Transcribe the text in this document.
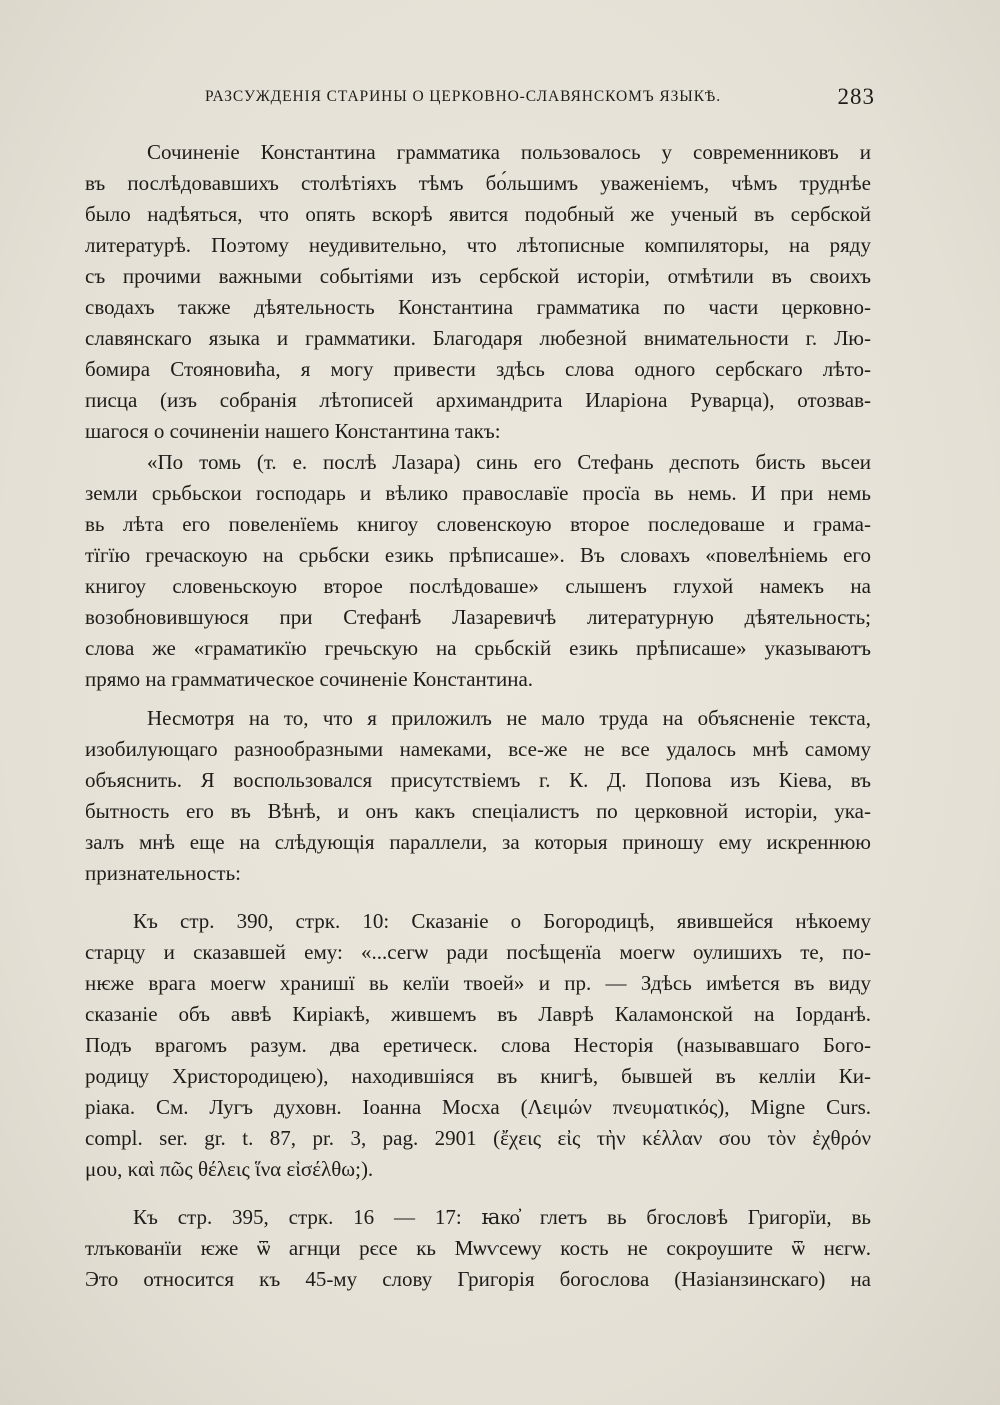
РАЗСУЖДЕНІЯ СТАРИНЫ О ЦЕРКОВНО-СЛАВЯНСКОМЪ ЯЗЫКѢ.	283
Сочиненіе Константина грамматика пользовалось у современниковъ и
въ послѣдовавшихъ столѣтіяхъ тѣмъ бо́льшимъ уваженіемъ, чѣмъ труднѣе
было надѣяться, что опять вскорѣ явится подобный же ученый въ сербской
литературѣ. Поэтому неудивительно, что лѣтописные компиляторы, на ряду
съ прочими важными событіями изъ сербской исторіи, отмѣтили въ своихъ
сводахъ также дѣятельность Константина грамматика по части церковно-
славянскаго языка и грамматики. Благодаря любезной внимательности г. Лю-
бомира Стояновиħа, я могу привести здѣсь слова одного сербскаго лѣто-
писца (изъ собранія лѣтописей архимандрита Иларіона Руварца), отозвав-
шагося о сочиненіи нашего Константина такъ:
«По томь (т. е. послѣ Лазара) синь его Стефань деспоть бисть вьсеи
земли срьбьскои господарь и вѣлико православїе просїа вь немь. И при немь
вь лѣта его повеленїемь книгоу словенскоую второе последоваше и грама-
тїгїю гречаскоую на срьбски езикь прѣписаше». Въ словахъ «повелѣніемь его
книгоу словеньскоую второе послѣдоваше» слышенъ глухой намекъ на
возобновившуюся при Стефанѣ Лазаревичѣ литературную дѣятельность;
слова же «граматикїю гречьскую на срьбскій езикь прѣписаше» указываютъ
прямо на грамматическое сочиненіе Константина.
Несмотря на то, что я приложилъ не мало труда на объясненіе текста,
изобилующаго разнообразными намеками, все-же не все удалось мнѣ самому
объяснить. Я воспользовался присутствіемъ г. К. Д. Попова изъ Кіева, въ
бытность его въ Вѣнѣ, и онъ какъ спеціалистъ по церковной исторіи, ука-
залъ мнѣ еще на слѣдующія параллели, за которыя приношу ему искреннюю
признательность:
Къ стр. 390, стрк. 10: Сказаніе о Богородицѣ, явившейся нѣкоему
старцу и сказавшей ему: «...сегѡ ради посѣщенїа моегѡ оулишихъ те, по-
нѥже врага моегѡ хранишї вь келїи твоей» и пр. — Здѣсь имѣется въ виду
сказаніе объ аввѣ Киріакѣ, жившемъ въ Лаврѣ Каламонской на Іорданѣ.
Подъ врагомъ разум. два еретическ. слова Несторія (называвшаго Бого-
родицу Христородицею), находившіяся въ книгѣ, бывшей въ келліи Ки-
ріака. См. Лугъ духовн. Іоанна Мосха (Λειμών πνευματικός), Migne Curs.
compl. ser. gr. t. 87, pr. 3, pag. 2901 (ἔχεις εἰς τὴν κέλλαν σου τὸν ἐχθρόν
μου, καὶ πῶς θέλεις ἵνα εἰσέλθω;).
Къ стр. 395, стрк. 16 — 17: ꙗко҆ глетъ вь бгословѣ Григорїи, вь
тлъкованїи ѥже ѿ агнци рєсе кь Мѡѵсеѡу кость не сокроушите ѿ нєгѡ.
Это относится къ 45-му слову Григорія богослова (Назіанзинскаго) на
